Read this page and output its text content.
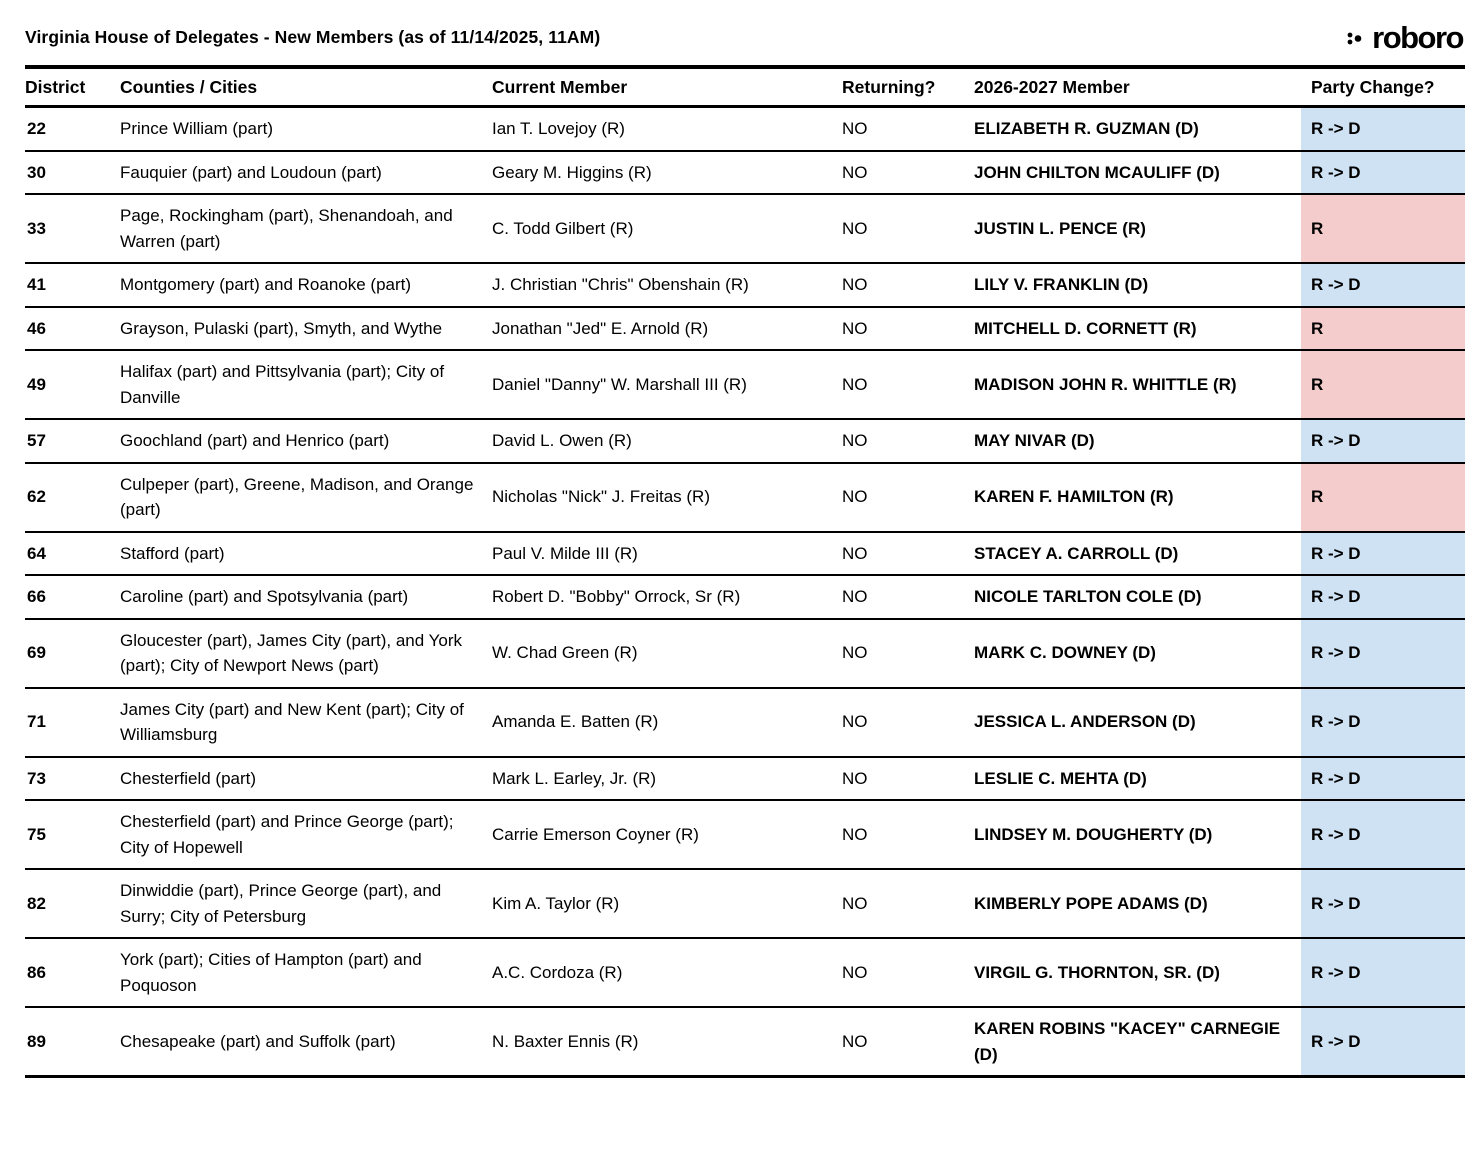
Virginia House of Delegates - New Members (as of 11/14/2025, 11AM)	roboro
District	Counties / Cities	Current Member	Returning?	2026-2027 Member	Party Change?
22	Prince William (part)	Ian T. Lovejoy (R)	NO	ELIZABETH R. GUZMAN (D)	R -> D
30	Fauquier (part) and Loudoun (part)	Geary M. Higgins (R)	NO	JOHN CHILTON MCAULIFF (D)	R -> D
33	Page, Rockingham (part), Shenandoah, and Warren (part)	C. Todd Gilbert (R)	NO	JUSTIN L. PENCE (R)	R
41	Montgomery (part) and Roanoke (part)	J. Christian "Chris" Obenshain (R)	NO	LILY V. FRANKLIN (D)	R -> D
46	Grayson, Pulaski (part), Smyth, and Wythe	Jonathan "Jed" E. Arnold (R)	NO	MITCHELL D. CORNETT (R)	R
49	Halifax (part) and Pittsylvania (part); City of Danville	Daniel "Danny" W. Marshall III (R)	NO	MADISON JOHN R. WHITTLE (R)	R
57	Goochland (part) and Henrico (part)	David L. Owen (R)	NO	MAY NIVAR (D)	R -> D
62	Culpeper (part), Greene, Madison, and Orange (part)	Nicholas "Nick" J. Freitas (R)	NO	KAREN F. HAMILTON (R)	R
64	Stafford (part)	Paul V. Milde III (R)	NO	STACEY A. CARROLL (D)	R -> D
66	Caroline (part) and Spotsylvania (part)	Robert D. "Bobby" Orrock, Sr (R)	NO	NICOLE TARLTON COLE (D)	R -> D
69	Gloucester (part), James City (part), and York (part); City of Newport News (part)	W. Chad Green (R)	NO	MARK C. DOWNEY (D)	R -> D
71	James City (part) and New Kent (part); City of Williamsburg	Amanda E. Batten (R)	NO	JESSICA L. ANDERSON (D)	R -> D
73	Chesterfield (part)	Mark L. Earley, Jr. (R)	NO	LESLIE C. MEHTA (D)	R -> D
75	Chesterfield (part) and Prince George (part); City of Hopewell	Carrie Emerson Coyner (R)	NO	LINDSEY M. DOUGHERTY (D)	R -> D
82	Dinwiddie (part), Prince George (part), and Surry; City of Petersburg	Kim A. Taylor (R)	NO	KIMBERLY POPE ADAMS (D)	R -> D
86	York (part); Cities of Hampton (part) and Poquoson	A.C. Cordoza (R)	NO	VIRGIL G. THORNTON, SR. (D)	R -> D
89	Chesapeake (part) and Suffolk (part)	N. Baxter Ennis (R)	NO	KAREN ROBINS "KACEY" CARNEGIE (D)	R -> D
